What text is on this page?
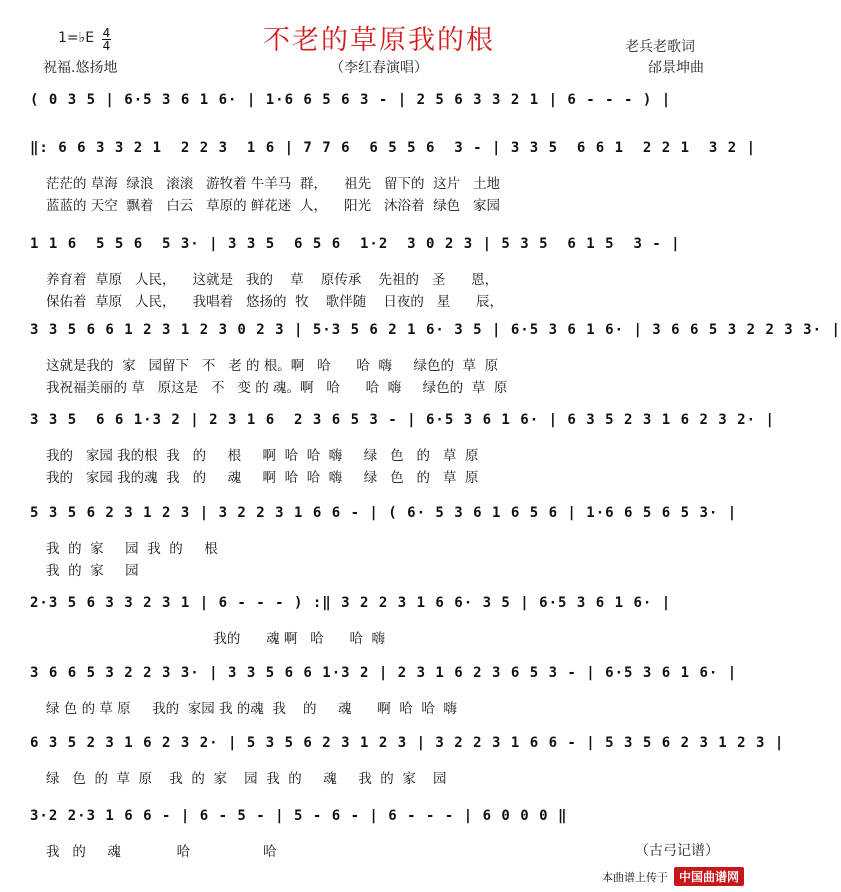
不老的草原我的根
1=♭E 4
4
祝福.悠扬地	（李红春演唱）
老兵老歌词
邰景坤曲
( 0 3 5 | 6·5 3 6 1 6· | 1·6 6 5 6 3 - | 2 5 6 3 3 2 1 | 6 - - - ) |
‖: 6 6 3 3 2 1  2 2 3  1 6 | 7 7 6  6 5 5 6  3 - | 3 3 5  6 6 1  2 2 1  3 2 |
茫茫的 草海  绿浪   滚滚   游牧着 牛羊马  群，    祖先   留下的  这片   土地
蓝蓝的 天空  飘着   白云   草原的 鲜花迷  人，    阳光   沐浴着  绿色   家园
1 1 6  5 5 6  5 3· | 3 3 5  6 5 6  1·2  3 0 2 3 | 5 3 5  6 1 5  3 - |
养育着  草原   人民，    这就是   我的    草    原传承    先祖的   圣      恩，
保佑着  草原   人民，    我唱着   悠扬的  牧    歌伴随    日夜的   星      辰，
3 3 5 6 6 1 2 3 1 2 3 0 2 3 | 5·3 5 6 2 1 6· 3 5 | 6·5 3 6 1 6· | 3 6 6 5 3 2 2 3 3· |
这就是我的  家   园留下   不   老 的 根。啊   哈      哈  嗨     绿色的  草  原
我祝福美丽的 草   原这是   不   变 的 魂。啊   哈      哈  嗨     绿色的  草  原
3 3 5  6 6 1·3 2 | 2 3 1 6  2 3 6 5 3 - | 6·5 3 6 1 6· | 6 3 5 2 3 1 6 2 3 2· |
我的   家园 我的根  我   的     根     啊  哈  哈  嗨     绿   色   的   草  原
我的   家园 我的魂  我   的     魂     啊  哈  哈  嗨     绿   色   的   草  原
5 3 5 6 2 3 1 2 3 | 3 2 2 3 1 6 6 - | ( 6· 5 3 6 1 6 5 6 | 1·6 6 5 6 5 3· |
我  的  家     园  我  的     根
我  的  家     园
2·3 5 6 3 3 2 3 1 | 6 - - - ) :‖ 3 2 2 3 1 6 6· 3 5 | 6·5 3 6 1 6· |
我的      魂 啊   哈      哈  嗨
3 6 6 5 3 2 2 3 3· | 3 3 5 6 6 1·3 2 | 2 3 1 6 2 3 6 5 3 - | 6·5 3 6 1 6· |
绿 色 的 草 原     我的  家园 我 的魂  我    的     魂      啊  哈  哈  嗨
6 3 5 2 3 1 6 2 3 2· | 5 3 5 6 2 3 1 2 3 | 3 2 2 3 1 6 6 - | 5 3 5 6 2 3 1 2 3 |
绿   色  的  草  原    我  的  家    园  我  的     魂     我  的  家    园
3·2 2·3 1 6 6 - | 6 - 5 - | 5 - 6 - | 6 - - - | 6 0 0 0 ‖
我   的     魂             哈                 哈	（古弓记谱）
本曲谱上传于 中国曲谱网
